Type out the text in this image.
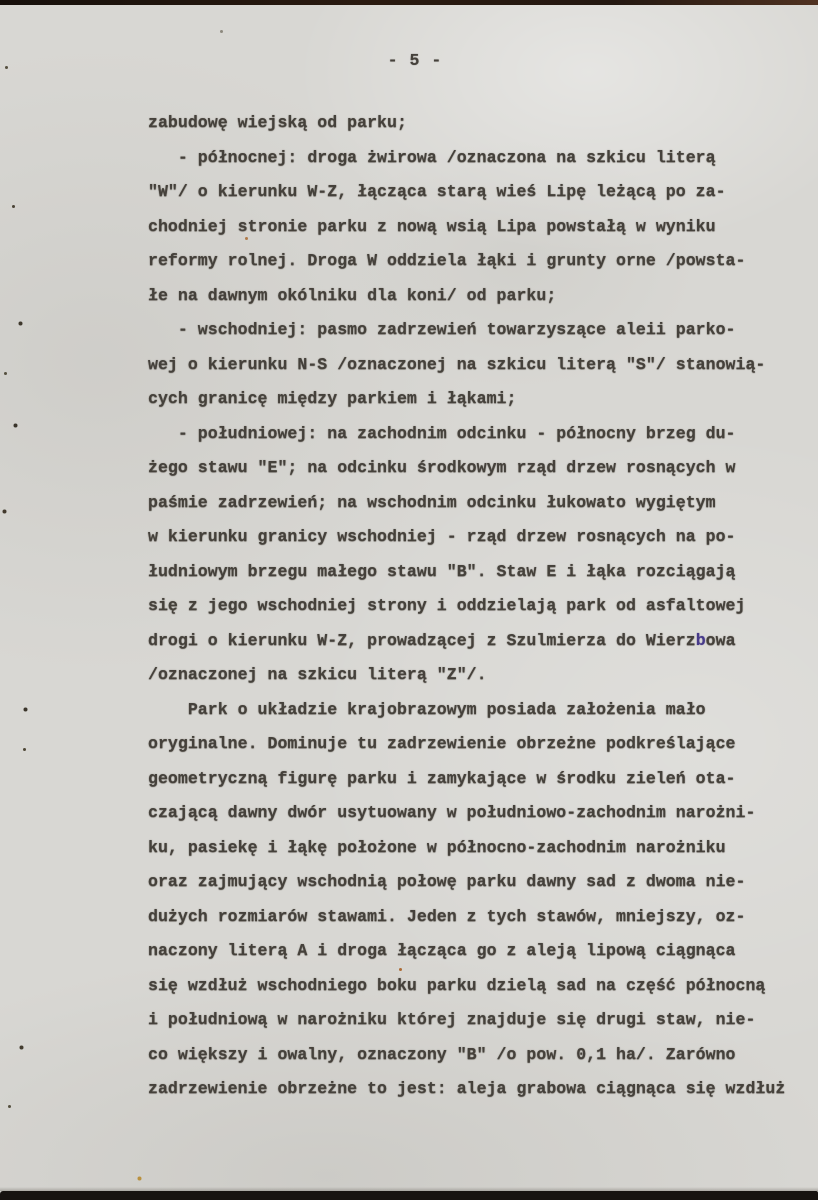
- 5 -
zabudowę wiejską od parku;
- północnej: droga żwirowa /oznaczona na szkicu literą
"W"/ o kierunku W-Z, łącząca starą wieś Lipę leżącą po za-
chodniej stronie parku z nową wsią Lipa powstałą w wyniku
reformy rolnej. Droga W oddziela łąki i grunty orne /powsta-
łe na dawnym okólniku dla koni/ od parku;
- wschodniej: pasmo zadrzewień towarzyszące aleii parko-
wej o kierunku N-S /oznaczonej na szkicu literą "S"/ stanowią-
cych granicę między parkiem i łąkami;
- południowej: na zachodnim odcinku - północny brzeg du-
żego stawu "E"; na odcinku środkowym rząd drzew rosnących w
paśmie zadrzewień; na wschodnim odcinku łukowato wygiętym
w kierunku granicy wschodniej - rząd drzew rosnących na po-
łudniowym brzegu małego stawu "B". Staw E i łąka rozciągają
się z jego wschodniej strony i oddzielają park od asfaltowej
drogi o kierunku W-Z, prowadzącej z Szulmierza do Wierzbowa
/oznaczonej na szkicu literą "Z"/.
Park o układzie krajobrazowym posiada założenia mało
oryginalne. Dominuje tu zadrzewienie obrzeżne podkreślające
geometryczną figurę parku i zamykające w środku zieleń ota-
czającą dawny dwór usytuowany w południowo-zachodnim narożni-
ku, pasiekę i łąkę położone w północno-zachodnim narożniku
oraz zajmujący wschodnią połowę parku dawny sad z dwoma nie-
dużych rozmiarów stawami. Jeden z tych stawów, mniejszy, oz-
naczony literą A i droga łącząca go z aleją lipową ciągnąca
się wzdłuż wschodniego boku parku dzielą sad na część północną
i południową w narożniku której znajduje się drugi staw, nie-
co większy i owalny, oznaczony "B" /o pow. 0,1 ha/. Zarówno
zadrzewienie obrzeżne to jest: aleja grabowa ciągnąca się wzdłuż
